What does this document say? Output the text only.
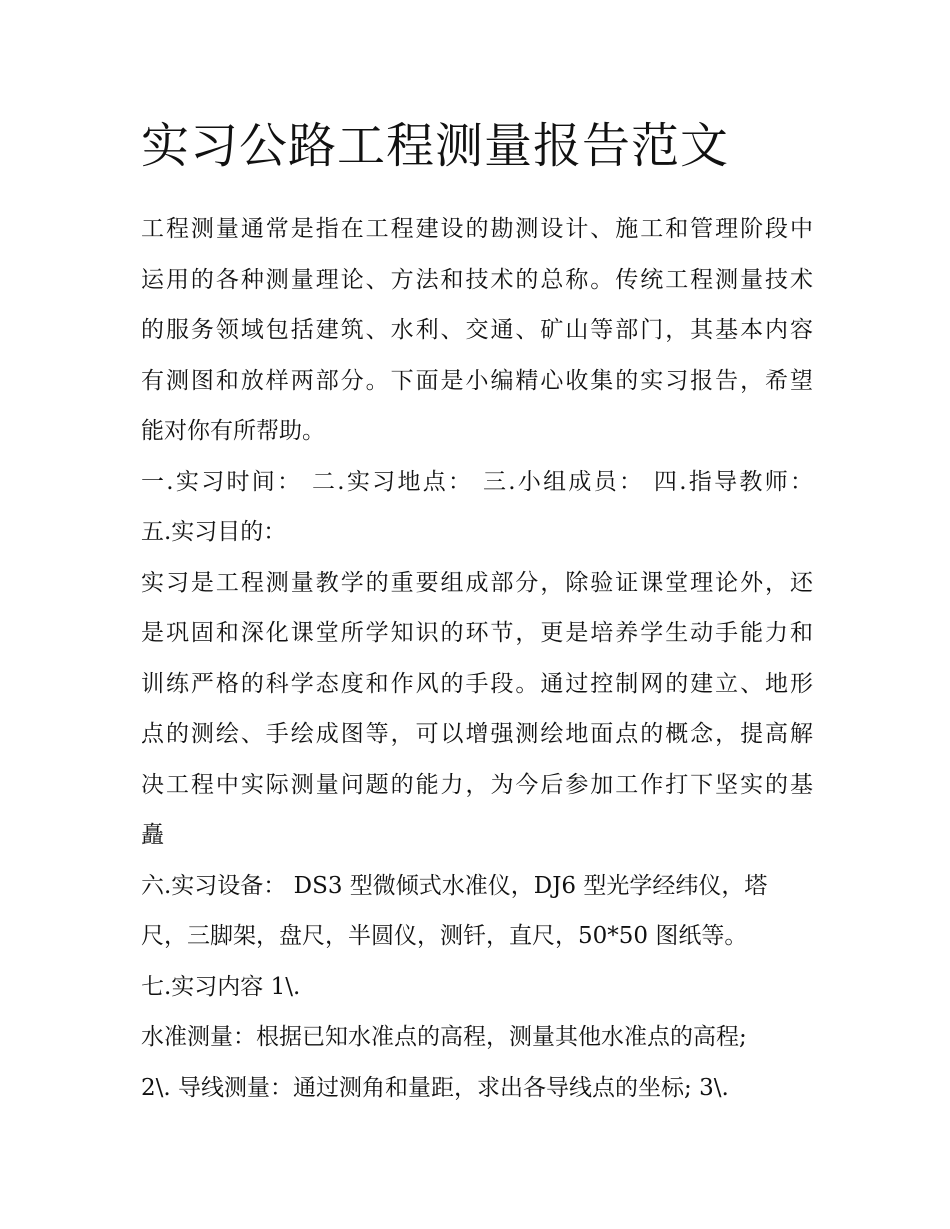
实习公路工程测量报告范文
工程测量通常是指在工程建设的勘测设计、施工和管理阶段中
运用的各种测量理论、方法和技术的总称。传统工程测量技术
的服务领域包括建筑、水利、交通、矿山等部门，其基本内容
有测图和放样两部分。下面是小编精心收集的实习报告，希望
能对你有所帮助。
一.实习时间： 二.实习地点： 三.小组成员： 四.指导教师：
五.实习目的：
实习是工程测量教学的重要组成部分，除验证课堂理论外，还
是巩固和深化课堂所学知识的环节，更是培养学生动手能力和
训练严格的科学态度和作风的手段。通过控制网的建立、地形
点的测绘、手绘成图等，可以增强测绘地面点的概念，提高解
决工程中实际测量问题的能力，为今后参加工作打下坚实的基
矗
六.实习设备： DS3 型微倾式水准仪，DJ6 型光学经纬仪，塔
尺，三脚架，盘尺，半圆仪，测钎，直尺，50*50 图纸等。
七.实习内容 1\.
水准测量：根据已知水准点的高程，测量其他水准点的高程;
2\. 导线测量：通过测角和量距，求出各导线点的坐标; 3\.
